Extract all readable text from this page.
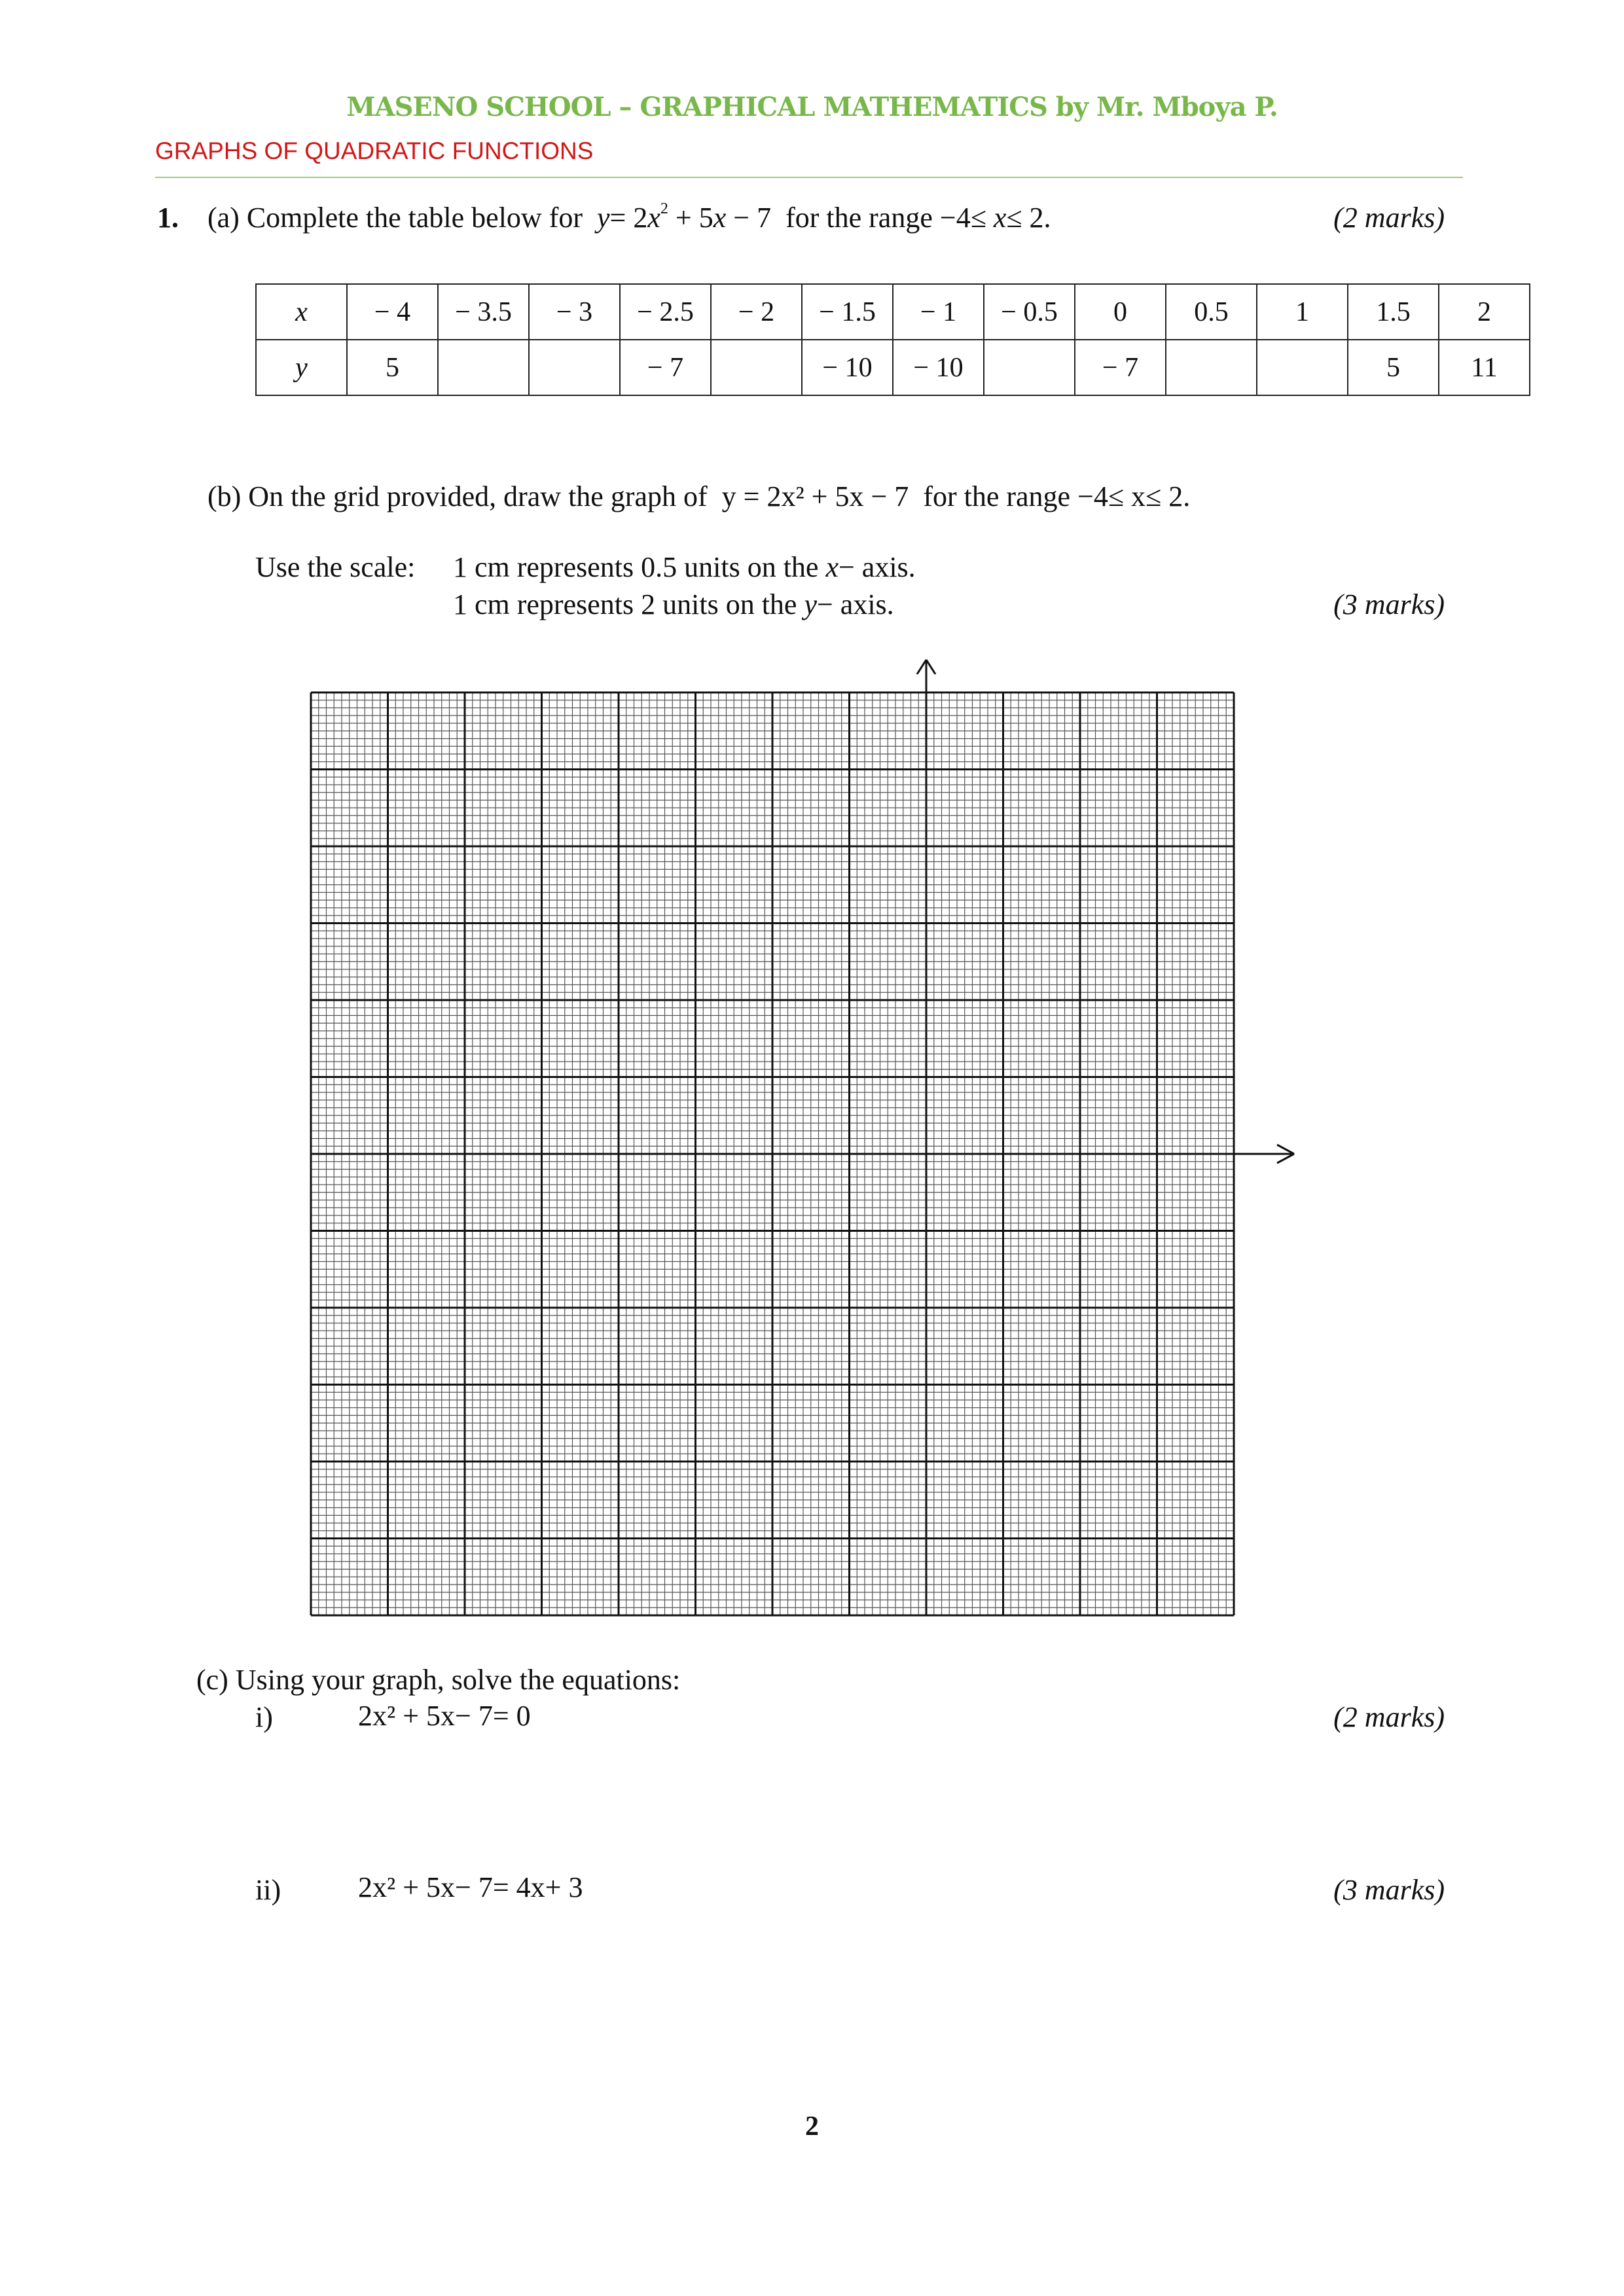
MASENO SCHOOL – GRAPHICAL MATHEMATICS by Mr. Mboya P.
GRAPHS OF QUADRATIC FUNCTIONS
1. (a) Complete the table below for $y= 2x^2 + 5x - 7$ for the range −4≤ x≤ 2.	(2 marks)
x	− 4	− 3.5	− 3	− 2.5	− 2	− 1.5	− 1	− 0.5	0	0.5	1	1.5	2
y	5			− 7		− 10	− 10		− 7			5	11
(b) On the grid provided, draw the graph of y = 2x² + 5x − 7 for the range −4≤ x≤ 2.
Use the scale: 1 cm represents 0.5 units on the x− axis.
1 cm represents 2 units on the y− axis.	(3 marks)
(c) Using your graph, solve the equations:
i)	2x² + 5x− 7= 0	(2 marks)
ii)	2x² + 5x− 7= 4x+ 3	(3 marks)
2
